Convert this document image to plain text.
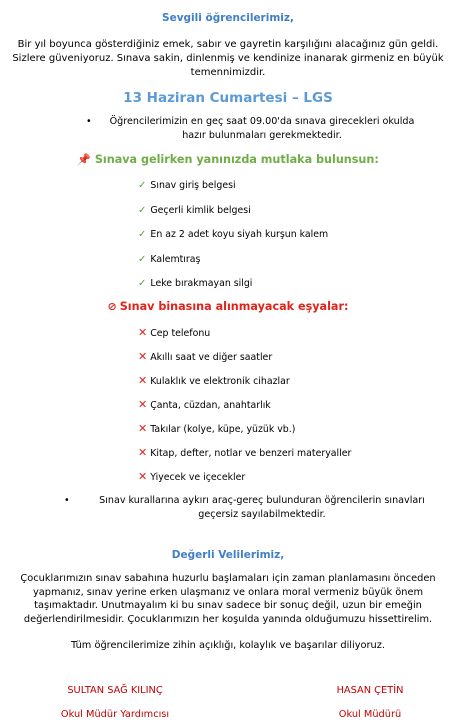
Sevgili öğrencilerimiz,
Bir yıl boyunca gösterdiğiniz emek, sabır ve gayretin karşılığını alacağınız gün geldi. Sizlere güveniyoruz. Sınava sakin, dinlenmiş ve kendinize inanarak girmeniz en büyük temennimizdir.
13 Haziran Cumartesi – LGS
•	Öğrencilerimizin en geç saat 09.00'da sınava girecekleri okulda hazır bulunmaları gerekmektedir.
📌 Sınava gelirken yanınızda mutlaka bulunsun:
✓ Sınav giriş belgesi
✓ Geçerli kimlik belgesi
✓ En az 2 adet koyu siyah kurşun kalem
✓ Kalemtıraş
✓ Leke bırakmayan silgi
⊘ Sınav binasına alınmayacak eşyalar:
✕ Cep telefonu
✕ Akıllı saat ve diğer saatler
✕ Kulaklık ve elektronik cihazlar
✕ Çanta, cüzdan, anahtarlık
✕ Takılar (kolye, küpe, yüzük vb.)
✕ Kitap, defter, notlar ve benzeri materyaller
✕ Yiyecek ve içecekler
•	Sınav kurallarına aykırı araç-gereç bulunduran öğrencilerin sınavları geçersiz sayılabilmektedir.
Değerli Velilerimiz,
Çocuklarımızın sınav sabahına huzurlu başlamaları için zaman planlamasını önceden yapmanız, sınav yerine erken ulaşmanız ve onlara moral vermeniz büyük önem taşımaktadır. Unutmayalım ki bu sınav sadece bir sonuç değil, uzun bir emeğin değerlendirilmesidir. Çocuklarımızın her koşulda yanında olduğumuzu hissettirelim.
Tüm öğrencilerimize zihin açıklığı, kolaylık ve başarılar diliyoruz.
SULTAN SAĞ KILINÇ
Okul Müdür Yardımcısı
HASAN ÇETİN
Okul Müdürü
